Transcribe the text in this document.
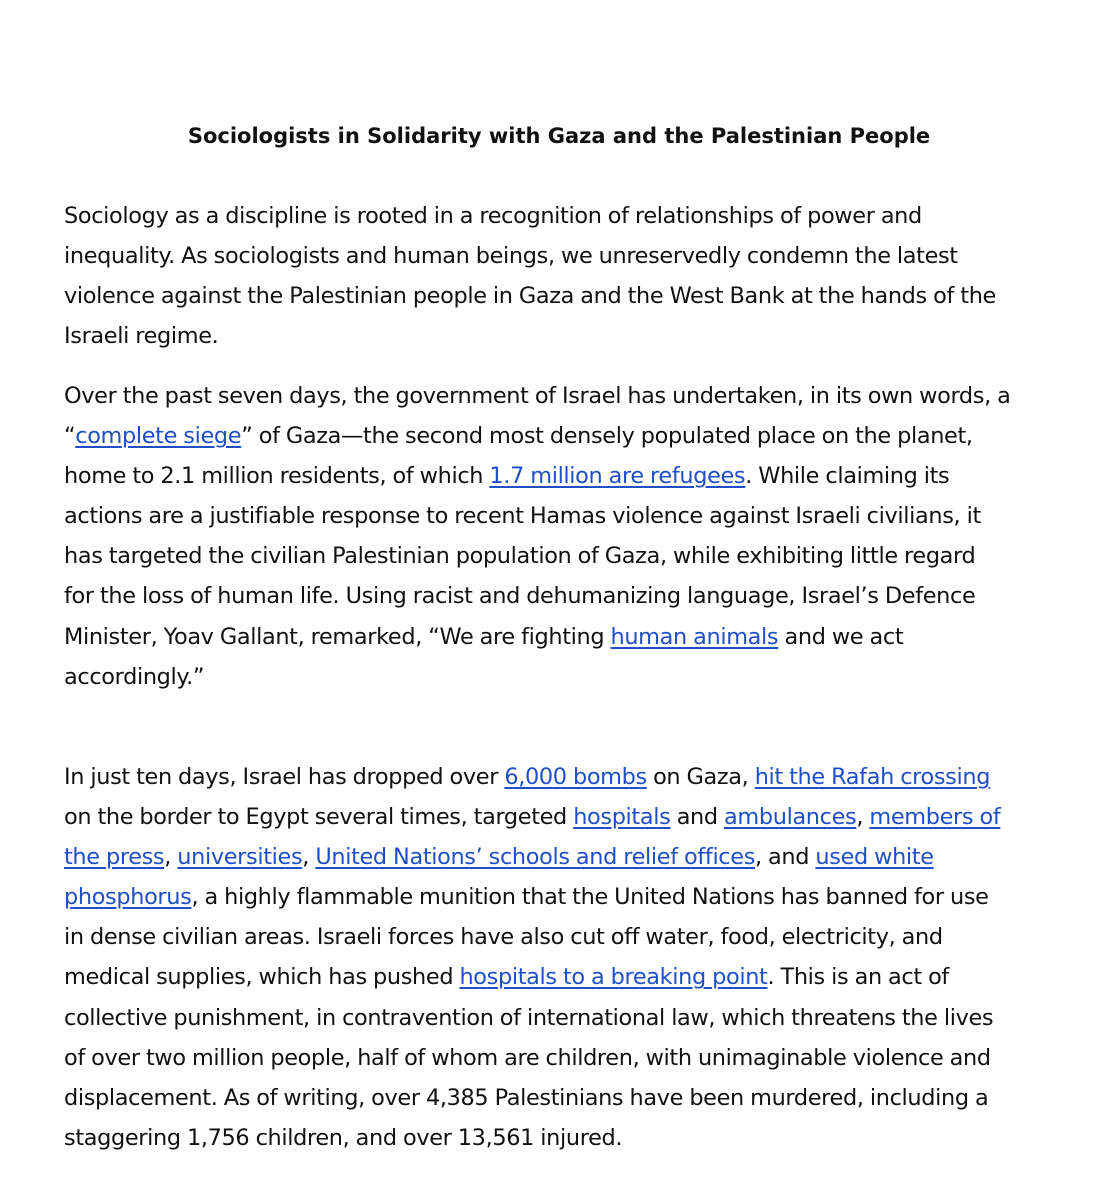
Sociologists in Solidarity with Gaza and the Palestinian People

Sociology as a discipline is rooted in a recognition of relationships of power and
inequality. As sociologists and human beings, we unreservedly condemn the latest
violence against the Palestinian people in Gaza and the West Bank at the hands of the
Israeli regime.

Over the past seven days, the government of Israel has undertaken, in its own words, a
“complete siege” of Gaza—the second most densely populated place on the planet,
home to 2.1 million residents, of which 1.7 million are refugees. While claiming its
actions are a justifiable response to recent Hamas violence against Israeli civilians, it
has targeted the civilian Palestinian population of Gaza, while exhibiting little regard
for the loss of human life. Using racist and dehumanizing language, Israel’s Defence
Minister, Yoav Gallant, remarked, “We are fighting human animals and we act
accordingly.”

In just ten days, Israel has dropped over 6,000 bombs on Gaza, hit the Rafah crossing
on the border to Egypt several times, targeted hospitals and ambulances, members of
the press, universities, United Nations’ schools and relief offices, and used white
phosphorus, a highly flammable munition that the United Nations has banned for use
in dense civilian areas. Israeli forces have also cut off water, food, electricity, and
medical supplies, which has pushed hospitals to a breaking point. This is an act of
collective punishment, in contravention of international law, which threatens the lives
of over two million people, half of whom are children, with unimaginable violence and
displacement. As of writing, over 4,385 Palestinians have been murdered, including a
staggering 1,756 children, and over 13,561 injured.
